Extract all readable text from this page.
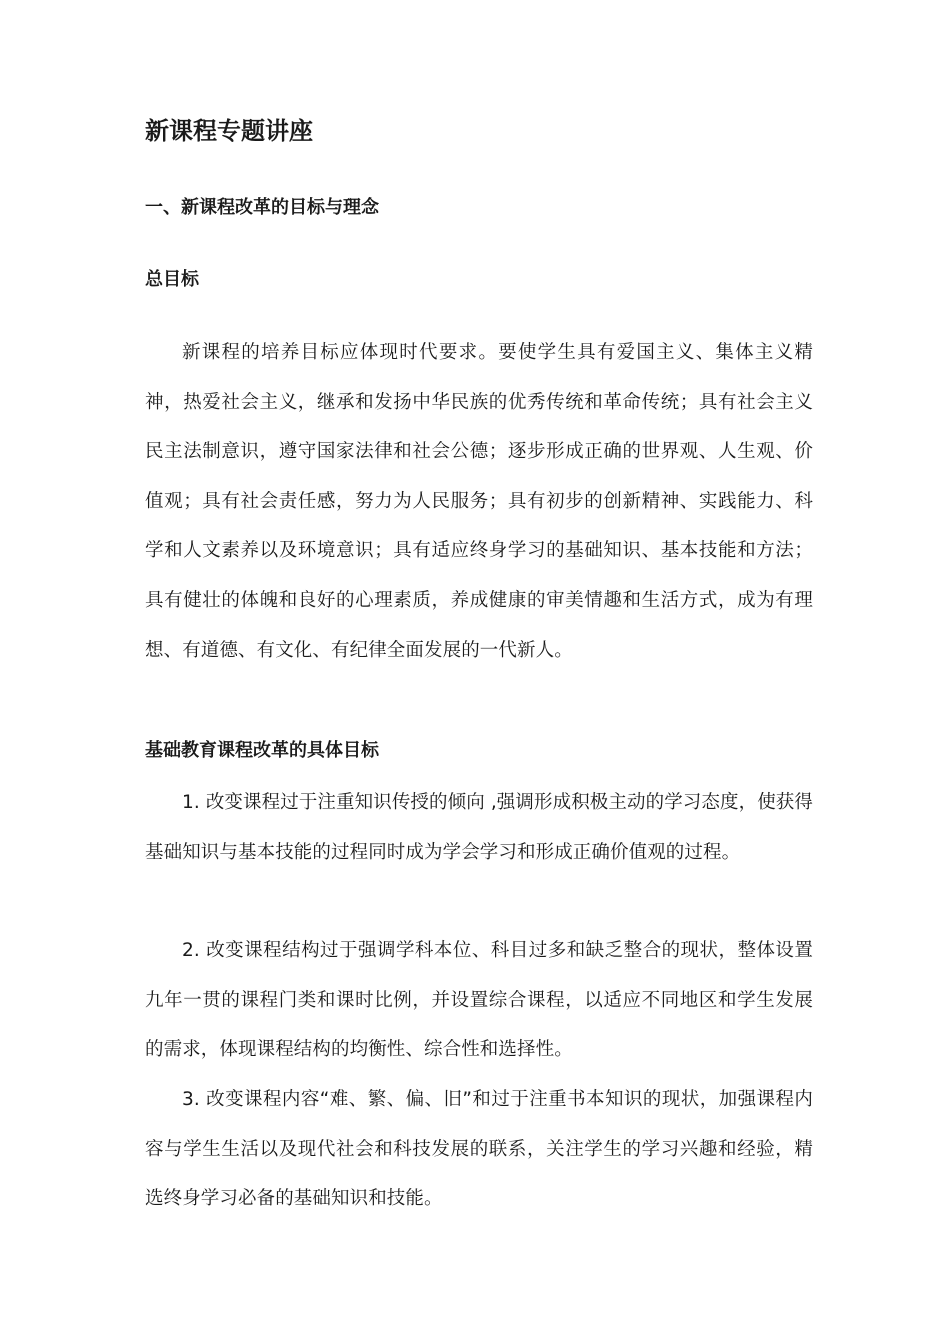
新课程专题讲座
一、新课程改革的目标与理念
总目标

新课程的培养目标应体现时代要求。要使学生具有爱国主义、集体主义精神，热爱社会主义，继承和发扬中华民族的优秀传统和革命传统；具有社会主义民主法制意识，遵守国家法律和社会公德；逐步形成正确的世界观、人生观、价值观；具有社会责任感，努力为人民服务；具有初步的创新精神、实践能力、科学和人文素养以及环境意识；具有适应终身学习的基础知识、基本技能和方法；具有健壮的体魄和良好的心理素质，养成健康的审美情趣和生活方式，成为有理想、有道德、有文化、有纪律全面发展的一代新人。

基础教育课程改革的具体目标

1. 改变课程过于注重知识传授的倾向 ,强调形成积极主动的学习态度，使获得基础知识与基本技能的过程同时成为学会学习和形成正确价值观的过程。

2. 改变课程结构过于强调学科本位、科目过多和缺乏整合的现状，整体设置九年一贯的课程门类和课时比例，并设置综合课程，以适应不同地区和学生发展的需求，体现课程结构的均衡性、综合性和选择性。

3. 改变课程内容“难、繁、偏、旧”和过于注重书本知识的现状，加强课程内容与学生生活以及现代社会和科技发展的联系，关注学生的学习兴趣和经验，精选终身学习必备的基础知识和技能。
